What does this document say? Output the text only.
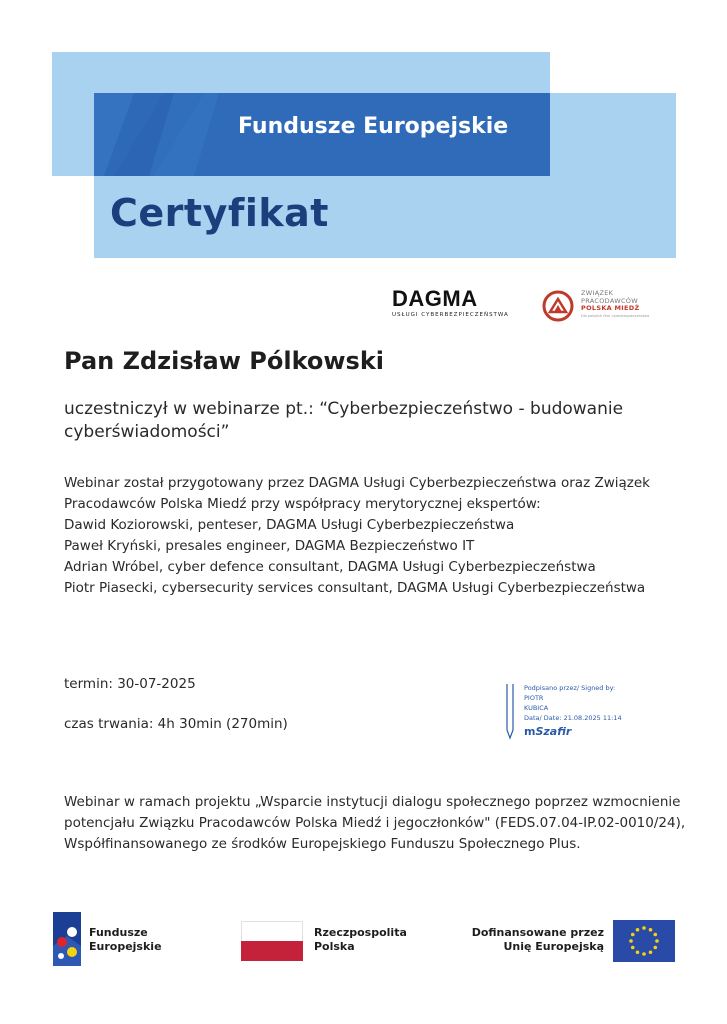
Fundusze Europejskie
Certyfikat
DAGMA
USŁUGI CYBERBEZPIECZEŃSTWA
ZWIĄZEK
PRACODAWCÓW
POLSKA MIEDŹ
Dla polskich firm cyberbezpieczeństwa
Pan Zdzisław Pólkowski
uczestniczył w webinarze pt.: “Cyberbezpieczeństwo - budowanie cyberświadomości”

Webinar został przygotowany przez DAGMA Usługi Cyberbezpieczeństwa oraz Związek

Pracodawców Polska Miedź przy współpracy merytorycznej ekspertów:

Dawid Koziorowski, penteser, DAGMA Usługi Cyberbezpieczeństwa

Paweł Kryński, presales engineer, DAGMA Bezpieczeństwo IT

Adrian Wróbel, cyber defence consultant, DAGMA Usługi Cyberbezpieczeństwa

Piotr Piasecki, cybersecurity services consultant, DAGMA Usługi Cyberbezpieczeństwa

termin: 30-07-2025
czas trwania: 4h 30min (270min)
Podpisano przez/ Signed by:
PIOTR
KUBICA
Data/ Date: 21.08.2025 11:14
mSzafir
Webinar w ramach projektu „Wsparcie instytucji dialogu społecznego poprzez wzmocnienie
potencjału Związku Pracodawców Polska Miedź i jegoczłonków" (FEDS.07.04-IP.02-0010/24),
Współfinansowanego ze środków Europejskiego Funduszu Społecznego Plus.
Fundusze
Europejskie
Rzeczpospolita
Polska
Dofinansowane przez
Unię Europejską
